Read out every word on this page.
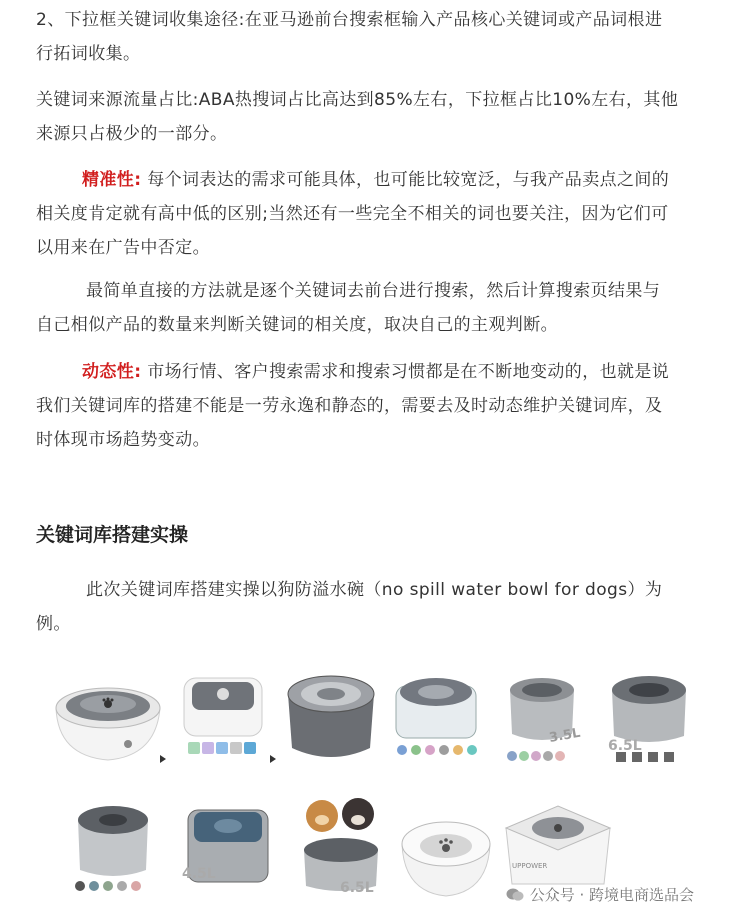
2、下拉框关键词收集途径:在亚马逊前台搜索框输入产品核心关键词或产品词根进
行拓词收集。
关键词来源流量占比:ABA热搜词占比高达到85%左右，下拉框占比10%左右，其他
来源只占极少的一部分。
精准性: 每个词表达的需求可能具体，也可能比较宽泛，与我产品卖点之间的
相关度肯定就有高中低的区别;当然还有一些完全不相关的词也要关注，因为它们可
以用来在广告中否定。
最简单直接的方法就是逐个关键词去前台进行搜索，然后计算搜索页结果与
自己相似产品的数量来判断关键词的相关度，取决自己的主观判断。
动态性: 市场行情、客户搜索需求和搜索习惯都是在不断地变动的，也就是说
我们关键词库的搭建不能是一劳永逸和静态的，需要去及时动态维护关键词库，及
时体现市场趋势变动。
关键词库搭建实操
此次关键词库搭建实操以狗防溢水碗（no spill water bowl for dogs）为
例。
3.5L
6.5L
4.5L
6.5L
UPPOWER
公众号 · 跨境电商选品会
